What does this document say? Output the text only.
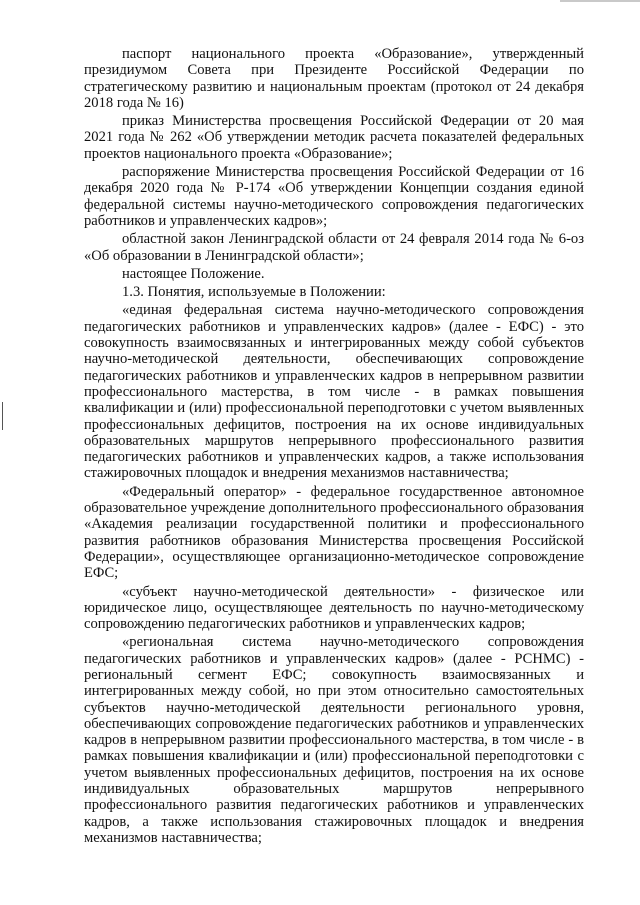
паспорт национального проекта «Образование», утвержденный президиумом Совета при Президенте Российской Федерации по стратегическому развитию и национальным проектам (протокол от 24 декабря 2018 года № 16)

приказ Министерства просвещения Российской Федерации от 20 мая 2021 года № 262 «Об утверждении методик расчета показателей федеральных проектов национального проекта «Образование»;

распоряжение Министерства просвещения Российской Федерации от 16 декабря 2020 года № Р-174 «Об утверждении Концепции создания единой федеральной системы научно-методического сопровождения педагогических работников и управленческих кадров»;

областной закон Ленинградской области от 24 февраля 2014 года № 6-оз «Об образовании в Ленинградской области»;

настоящее Положение.

1.3. Понятия, используемые в Положении:

«единая федеральная система научно-методического сопровождения педагогических работников и управленческих кадров» (далее - ЕФС) - это совокупность взаимосвязанных и интегрированных между собой субъектов научно-методической деятельности, обеспечивающих сопровождение педагогических работников и управленческих кадров в непрерывном развитии профессионального мастерства, в том числе - в рамках повышения квалификации и (или) профессиональной переподготовки с учетом выявленных профессиональных дефицитов, построения на их основе индивидуальных образовательных маршрутов непрерывного профессионального развития педагогических работников и управленческих кадров, а также использования стажировочных площадок и внедрения механизмов наставничества;

«Федеральный оператор» - федеральное государственное автономное образовательное учреждение дополнительного профессионального образования «Академия реализации государственной политики и профессионального развития работников образования Министерства просвещения Российской Федерации», осуществляющее организационно-методическое сопровождение ЕФС;

«субъект научно-методической деятельности» - физическое или юридическое лицо, осуществляющее деятельность по научно-методическому сопровождению педагогических работников и управленческих кадров;

«региональная система научно-методического сопровождения педагогических работников и управленческих кадров» (далее - РСНМС) - региональный сегмент ЕФС; совокупность взаимосвязанных и интегрированных между собой, но при этом относительно самостоятельных субъектов научно-методической деятельности регионального уровня, обеспечивающих сопровождение педагогических работников и управленческих кадров в непрерывном развитии профессионального мастерства, в том числе - в рамках повышения квалификации и (или) профессиональной переподготовки с учетом выявленных профессиональных дефицитов, построения на их основе индивидуальных образовательных маршрутов непрерывного профессионального развития педагогических работников и управленческих кадров, а также использования стажировочных площадок и внедрения механизмов наставничества;
